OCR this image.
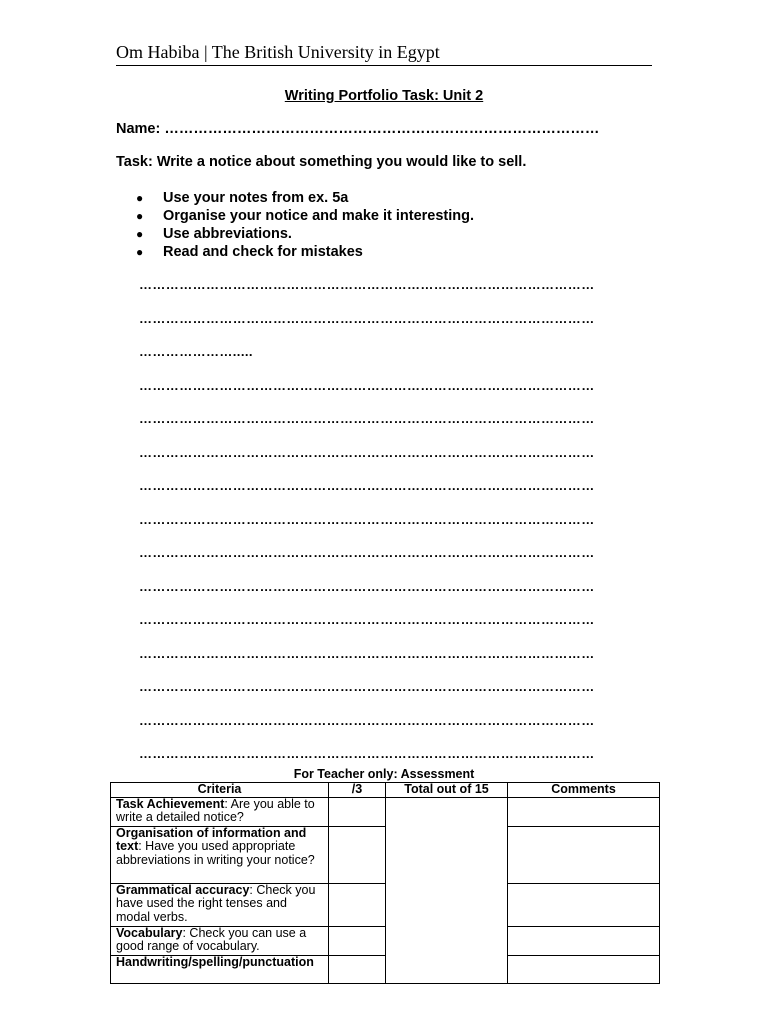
Om Habiba | The British University in Egypt
Writing Portfolio Task: Unit 2
Name: ………………………………………………………………………………
Task: Write a notice about something you would like to sell.
● Use your notes from ex. 5a
● Organise your notice and make it interesting.
● Use abbreviations.
● Read and check for mistakes
…………………………………………………………………………………………
…………………………………………………………………………………………
………………….....
…………………………………………………………………………………………
…………………………………………………………………………………………
…………………………………………………………………………………………
…………………………………………………………………………………………
…………………………………………………………………………………………
…………………………………………………………………………………………
…………………………………………………………………………………………
…………………………………………………………………………………………
…………………………………………………………………………………………
…………………………………………………………………………………………
…………………………………………………………………………………………
…………………………………………………………………………………………
For Teacher only: Assessment
Criteria	/3	Total out of 15	Comments
Task Achievement: Are you able to write a detailed notice?			
Organisation of information and text: Have you used appropriate abbreviations in writing your notice?			
Grammatical accuracy: Check you have used the right tenses and modal verbs.			
Vocabulary: Check you can use a good range of vocabulary.			
Handwriting/spelling/punctuation			
